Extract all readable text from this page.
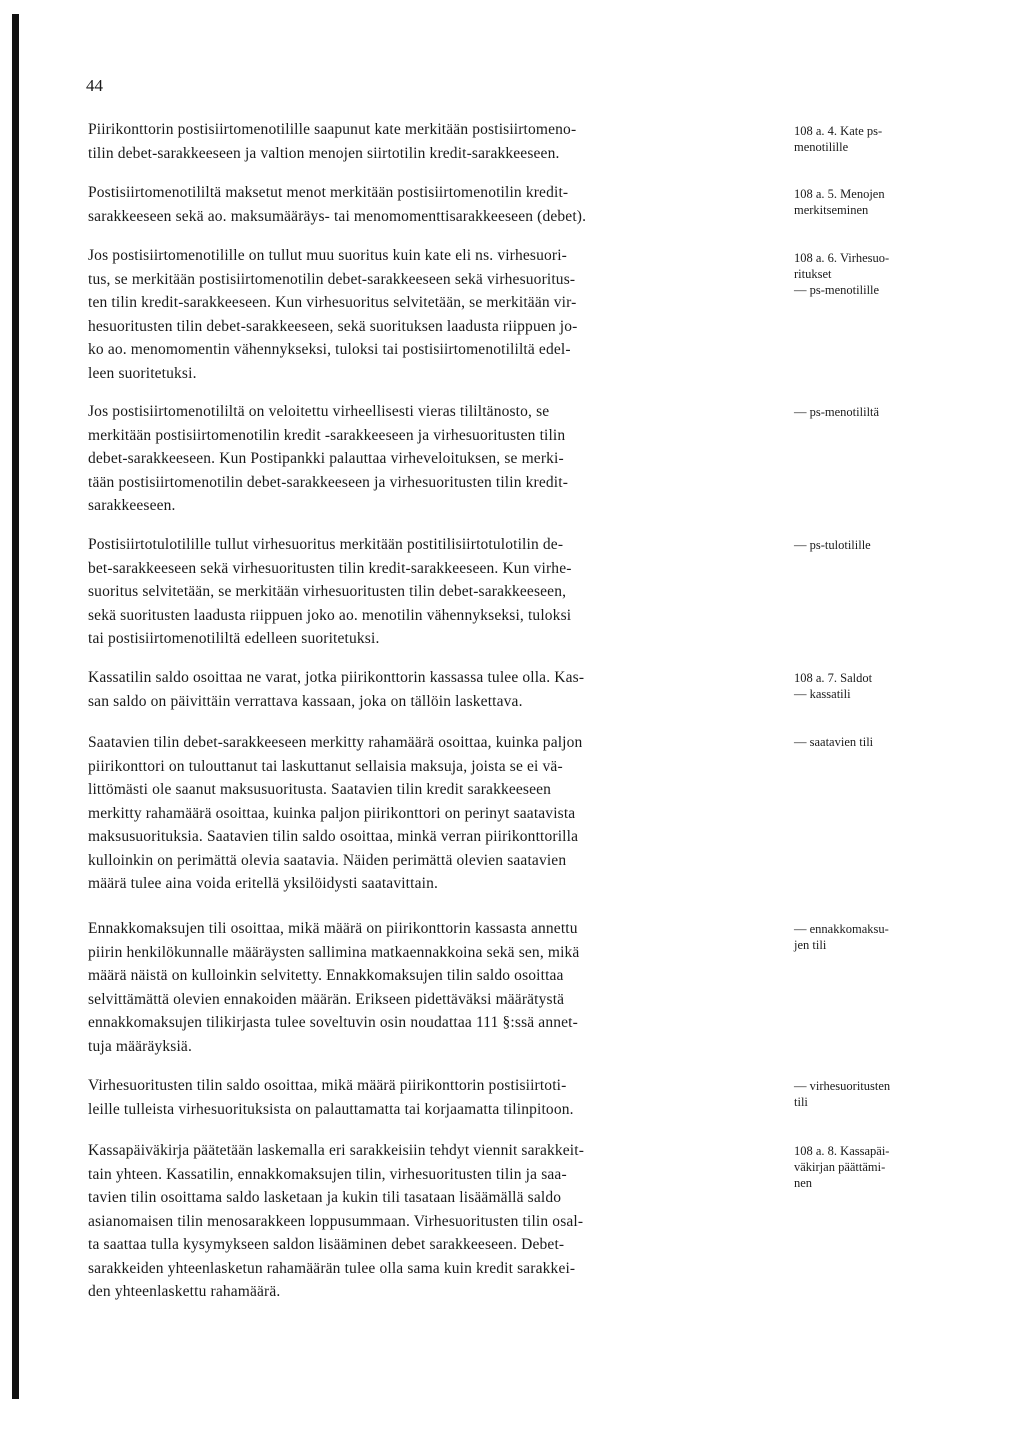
44
Piirikonttorin postisiirtomenotilille saapunut kate merkitään postisiirtomeno-
tilin debet-sarakkeeseen ja valtion menojen siirtotilin kredit-sarakkeeseen.
Postisiirtomenotililtä maksetut menot merkitään postisiirtomenotilin kredit-
sarakkeeseen sekä ao. maksumääräys- tai menomomenttisarakkeeseen (debet).
Jos postisiirtomenotilille on tullut muu suoritus kuin kate eli ns. virhesuori-
tus, se merkitään postisiirtomenotilin debet-sarakkeeseen sekä virhesuoritus-
ten tilin kredit-sarakkeeseen. Kun virhesuoritus selvitetään, se merkitään vir-
hesuoritusten tilin debet-sarakkeeseen, sekä suorituksen laadusta riippuen jo-
ko ao. menomomentin vähennykseksi, tuloksi tai postisiirtomenotililtä edel-
leen suoritetuksi.
Jos postisiirtomenotililtä on veloitettu virheellisesti vieras tililtänosto, se
merkitään postisiirtomenotilin kredit -sarakkeeseen ja virhesuoritusten tilin
debet-sarakkeeseen. Kun Postipankki palauttaa virheveloituksen, se merki-
tään postisiirtomenotilin debet-sarakkeeseen ja virhesuoritusten tilin kredit-
sarakkeeseen.
Postisiirtotulotilille tullut virhesuoritus merkitään postitilisiirtotulotilin de-
bet-sarakkeeseen sekä virhesuoritusten tilin kredit-sarakkeeseen. Kun virhe-
suoritus selvitetään, se merkitään virhesuoritusten tilin debet-sarakkeeseen,
sekä suoritusten laadusta riippuen joko ao. menotilin vähennykseksi, tuloksi
tai postisiirtomenotililtä edelleen suoritetuksi.
Kassatilin saldo osoittaa ne varat, jotka piirikonttorin kassassa tulee olla. Kas-
san saldo on päivittäin verrattava kassaan, joka on tällöin laskettava.
Saatavien tilin debet-sarakkeeseen merkitty rahamäärä osoittaa, kuinka paljon
piirikonttori on tulouttanut tai laskuttanut sellaisia maksuja, joista se ei vä-
littömästi ole saanut maksusuoritusta. Saatavien tilin kredit sarakkeeseen
merkitty rahamäärä osoittaa, kuinka paljon piirikonttori on perinyt saatavista
maksusuorituksia. Saatavien tilin saldo osoittaa, minkä verran piirikonttorilla
kulloinkin on perimättä olevia saatavia. Näiden perimättä olevien saatavien
määrä tulee aina voida eritellä yksilöidysti saatavittain.
Ennakkomaksujen tili osoittaa, mikä määrä on piirikonttorin kassasta annettu
piirin henkilökunnalle määräysten sallimina matkaennakkoina sekä sen, mikä
määrä näistä on kulloinkin selvitetty. Ennakkomaksujen tilin saldo osoittaa
selvittämättä olevien ennakoiden määrän. Erikseen pidettäväksi määrätystä
ennakkomaksujen tilikirjasta tulee soveltuvin osin noudattaa 111 §:ssä annet-
tuja määräyksiä.
Virhesuoritusten tilin saldo osoittaa, mikä määrä piirikonttorin postisiirtoti-
leille tulleista virhesuorituksista on palauttamatta tai korjaamatta tilinpitoon.
Kassapäiväkirja päätetään laskemalla eri sarakkeisiin tehdyt viennit sarakkeit-
tain yhteen. Kassatilin, ennakkomaksujen tilin, virhesuoritusten tilin ja saa-
tavien tilin osoittama saldo lasketaan ja kukin tili tasataan lisäämällä saldo
asianomaisen tilin menosarakkeen loppusummaan. Virhesuoritusten tilin osal-
ta saattaa tulla kysymykseen saldon lisääminen debet sarakkeeseen. Debet-
sarakkeiden yhteenlasketun rahamäärän tulee olla sama kuin kredit sarakkei-
den yhteenlaskettu rahamäärä.
108 a. 4. Kate ps-
menotilille
108 a. 5. Menojen
merkitseminen
108 a. 6. Virhesuo-
ritukset
— ps-menotilille
— ps-menotililtä
— ps-tulotilille
108 a. 7. Saldot
— kassatili
— saatavien tili
— ennakkomaksu-
jen tili
— virhesuoritusten
tili
108 a. 8. Kassapäi-
väkirjan päättämi-
nen
